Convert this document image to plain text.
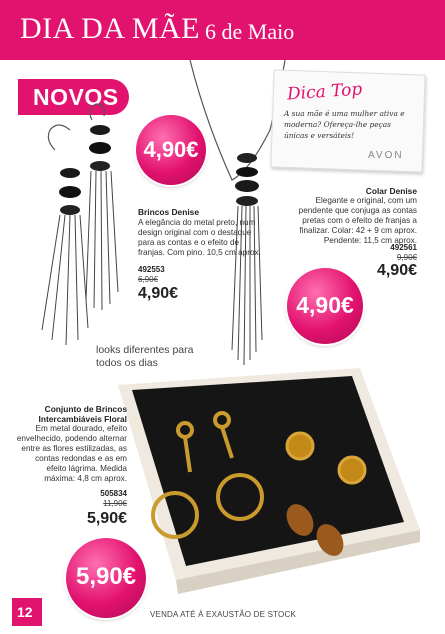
DIA DA MÃE 6 de Maio
NOVOS	Dica Top
A sua mãe é uma mulher ativa e moderna? Ofereça-lhe peças únicas e versáteis!
AVON
4,90€
4,90€
5,90€
Brincos Denise
A elegância do metal preto, num design original com o destaque para as contas e o efeito de franjas. Com pino. 10,5 cm aprox.
492553
6,90€
4,90€
Colar Denise
Elegante e original, com um pendente que conjuga as contas pretas com o efeito de franjas a finalizar. Colar: 42 + 9 cm aprox. Pendente: 11,5 cm aprox.
492561
9,90€
4,90€
looks diferentes para todos os dias
Conjunto de Brincos Intercambiáveis Floral
Em metal dourado, efeito envelhecido, podendo alternar entre as flores estilizadas, as contas redondas e as em efeito lágrima. Medida máxima: 4,8 cm aprox.
505834
11,90€
5,90€
12	VENDA ATÉ À EXAUSTÃO DE STOCK
